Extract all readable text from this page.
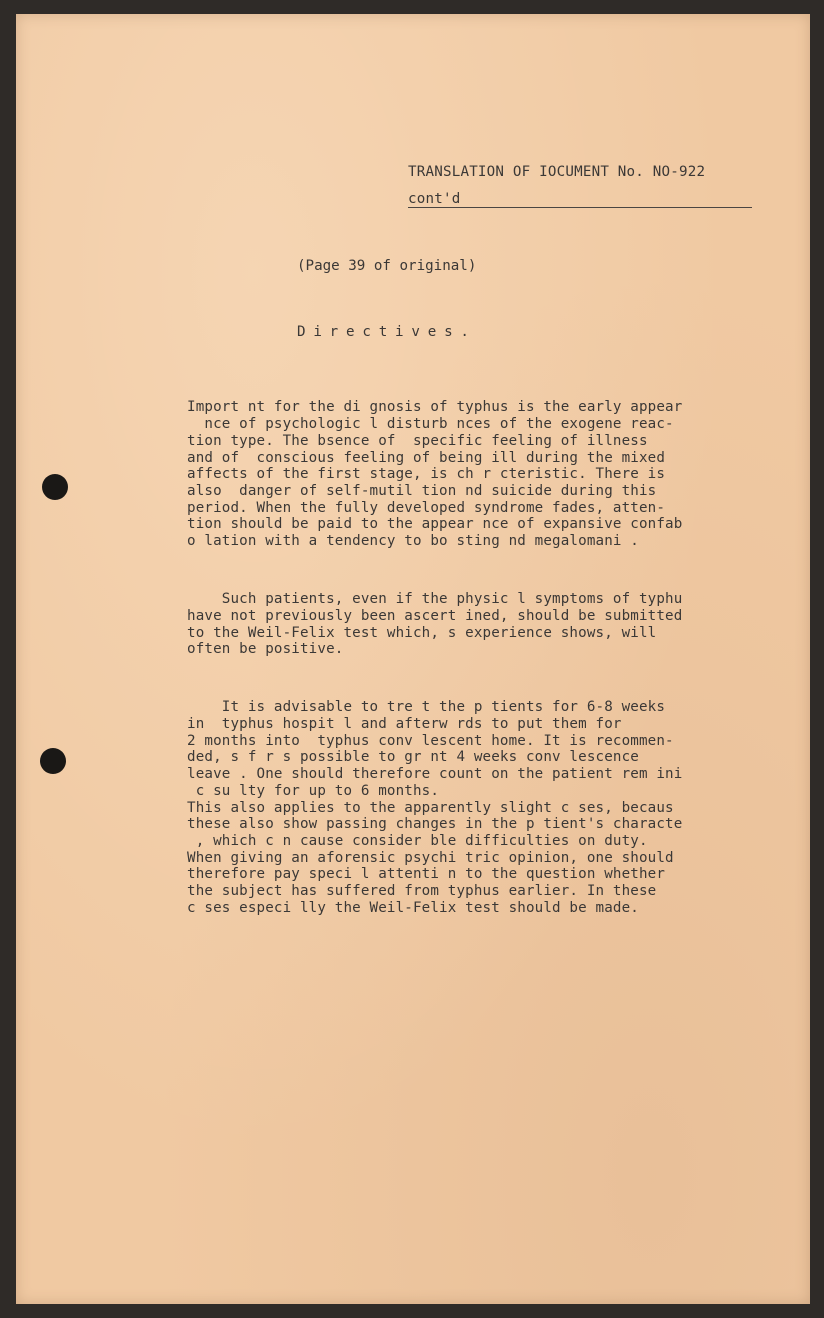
TRANSLATION OF IOCUMENT No. NO-922
cont'd
(Page 39 of original)
Directives.

Import nt for the di gnosis of typhus is the early appear
nce of psychologic l disturb nces of the exogene reac-
tion type. The bsence of  specific feeling of illness
and of  conscious feeling of being ill during the mixed
affects of the first stage, is ch r cteristic. There is
also  danger of self-mutil tion nd suicide during this
period. When the fully developed syndrome fades, atten-
tion should be paid to the appear nce of expansive confab
o lation with a tendency to bo sting nd megalomani .

Such patients, even if the physic l symptoms of typhu
have not previously been ascert ined, should be submitted
to the Weil-Felix test which, s experience shows, will
often be positive.

It is advisable to tre t the p tients for 6-8 weeks
in  typhus hospit l and afterw rds to put them for
2 months into  typhus conv lescent home. It is recommen-
ded, s f r s possible to gr nt 4 weeks conv lescence
leave . One should therefore count on the patient rem ini
c su lty for up to 6 months.
This also applies to the apparently slight c ses, becaus
these also show passing changes in the p tient's characte
, which c n cause consider ble difficulties on duty.
When giving an aforensic psychi tric opinion, one should
therefore pay speci l attenti n to the question whether
the subject has suffered from typhus earlier. In these
c ses especi lly the Weil-Felix test should be made.
